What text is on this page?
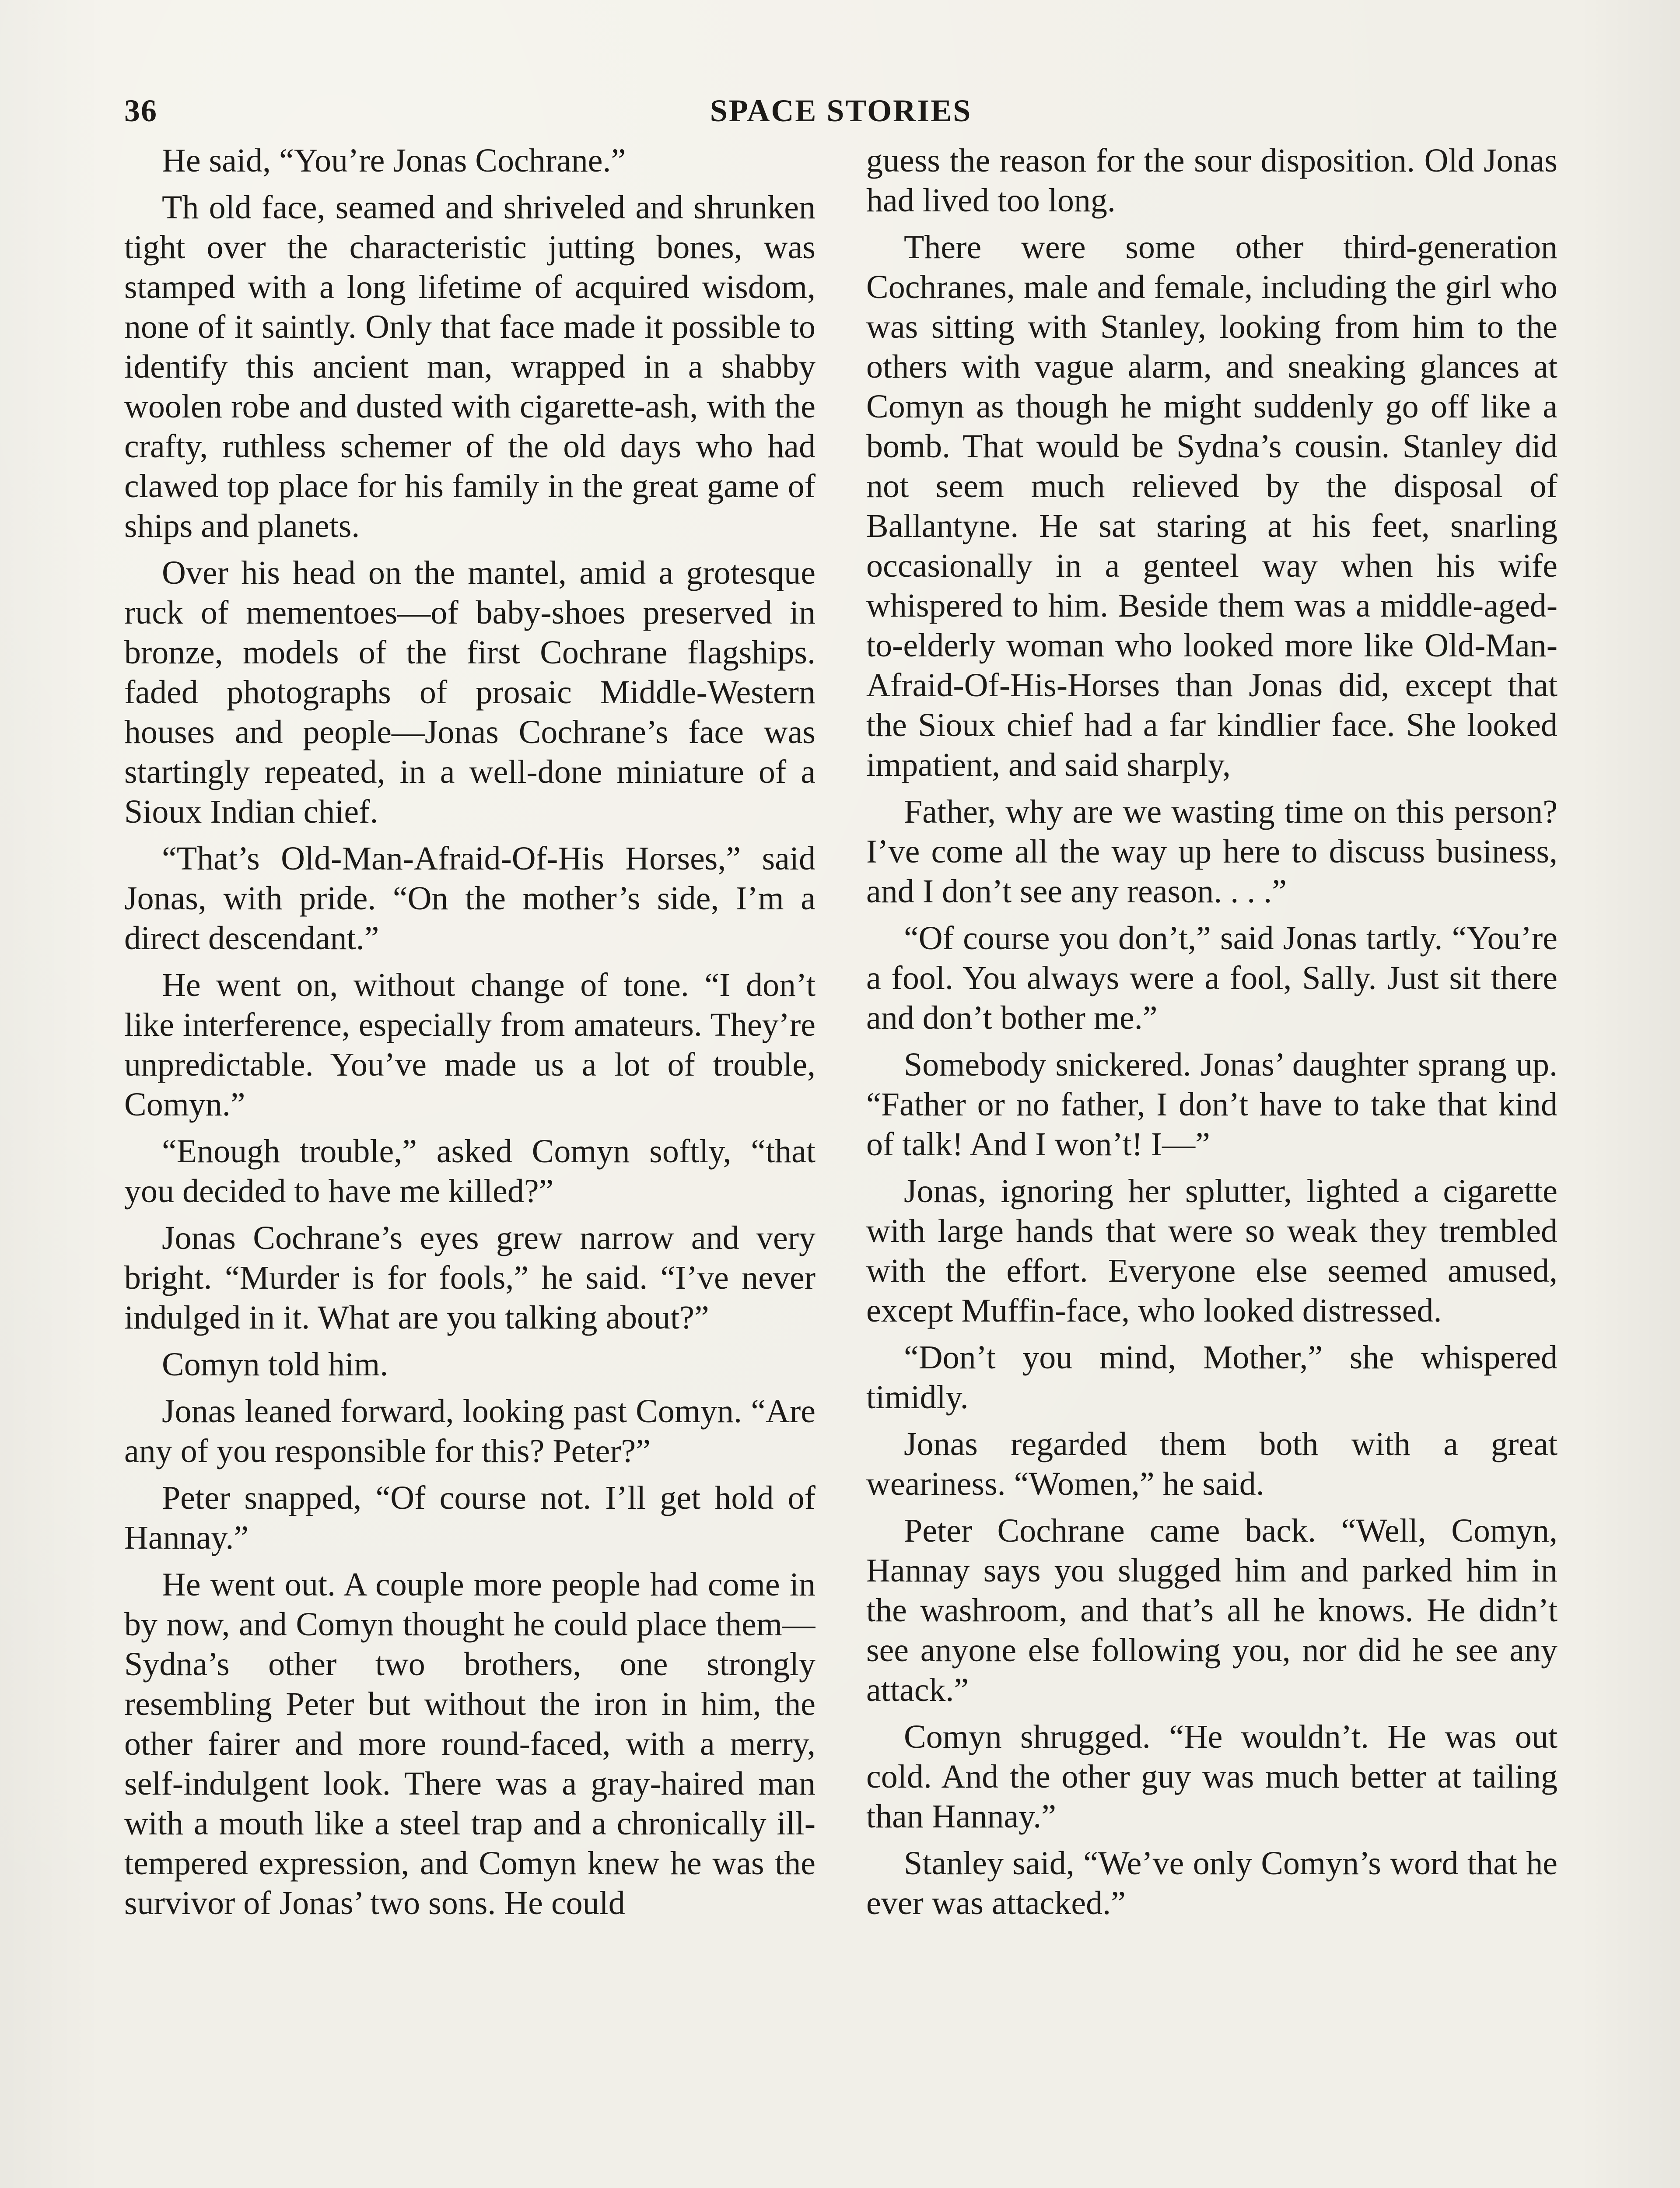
36	SPACE STORIES

He said, “You’re Jonas Cochrane.”

Th old face, seamed and shriveled and shrunken tight over the characteristic jutting bones, was stamped with a long lifetime of acquired wisdom, none of it saintly. Only that face made it possible to identify this ancient man, wrapped in a shabby woolen robe and dusted with cigarette-ash, with the crafty, ruthless schemer of the old days who had clawed top place for his family in the great game of ships and planets.

Over his head on the mantel, amid a grotesque ruck of mementoes—of baby-shoes preserved in bronze, models of the first Cochrane flagships. faded photographs of prosaic Middle-Western houses and people—Jonas Cochrane’s face was startingly repeated, in a well-done miniature of a Sioux Indian chief.

“That’s Old-Man-Afraid-Of-His Horses,” said Jonas, with pride. “On the mother’s side, I’m a direct descendant.”

He went on, without change of tone. “I don’t like interference, especially from amateurs. They’re unpredictable. You’ve made us a lot of trouble, Comyn.”

“Enough trouble,” asked Comyn softly, “that you decided to have me killed?”

Jonas Cochrane’s eyes grew narrow and very bright. “Murder is for fools,” he said. “I’ve never indulged in it. What are you talking about?”

Comyn told him.

Jonas leaned forward, looking past Comyn. “Are any of you responsible for this? Peter?”

Peter snapped, “Of course not. I’ll get hold of Hannay.”

He went out. A couple more people had come in by now, and Comyn thought he could place them—Sydna’s other two brothers, one strongly resembling Peter but without the iron in him, the other fairer and more round-faced, with a merry, self-indulgent look. There was a gray-haired man with a mouth like a steel trap and a chronically ill-tempered expression, and Comyn knew he was the survivor of Jonas’ two sons. He could

guess the reason for the sour disposition. Old Jonas had lived too long.

There were some other third-generation Cochranes, male and female, including the girl who was sitting with Stanley, looking from him to the others with vague alarm, and sneaking glances at Comyn as though he might suddenly go off like a bomb. That would be Sydna’s cousin. Stanley did not seem much relieved by the disposal of Ballantyne. He sat staring at his feet, snarling occasionally in a genteel way when his wife whispered to him. Beside them was a middle-aged-to-elderly woman who looked more like Old-Man-Afraid-Of-His-Horses than Jonas did, except that the Sioux chief had a far kindlier face. She looked impatient, and said sharply,

Father, why are we wasting time on this person? I’ve come all the way up here to discuss business, and I don’t see any reason. . . .”

“Of course you don’t,” said Jonas tartly. “You’re a fool. You always were a fool, Sally. Just sit there and don’t bother me.”

Somebody snickered. Jonas’ daughter sprang up. “Father or no father, I don’t have to take that kind of talk! And I won’t! I—”

Jonas, ignoring her splutter, lighted a cigarette with large hands that were so weak they trembled with the effort. Everyone else seemed amused, except Muffin-face, who looked distressed.

“Don’t you mind, Mother,” she whispered timidly.

Jonas regarded them both with a great weariness. “Women,” he said.

Peter Cochrane came back. “Well, Comyn, Hannay says you slugged him and parked him in the washroom, and that’s all he knows. He didn’t see anyone else following you, nor did he see any attack.”

Comyn shrugged. “He wouldn’t. He was out cold. And the other guy was much better at tailing than Hannay.”

Stanley said, “We’ve only Comyn’s word that he ever was attacked.”
